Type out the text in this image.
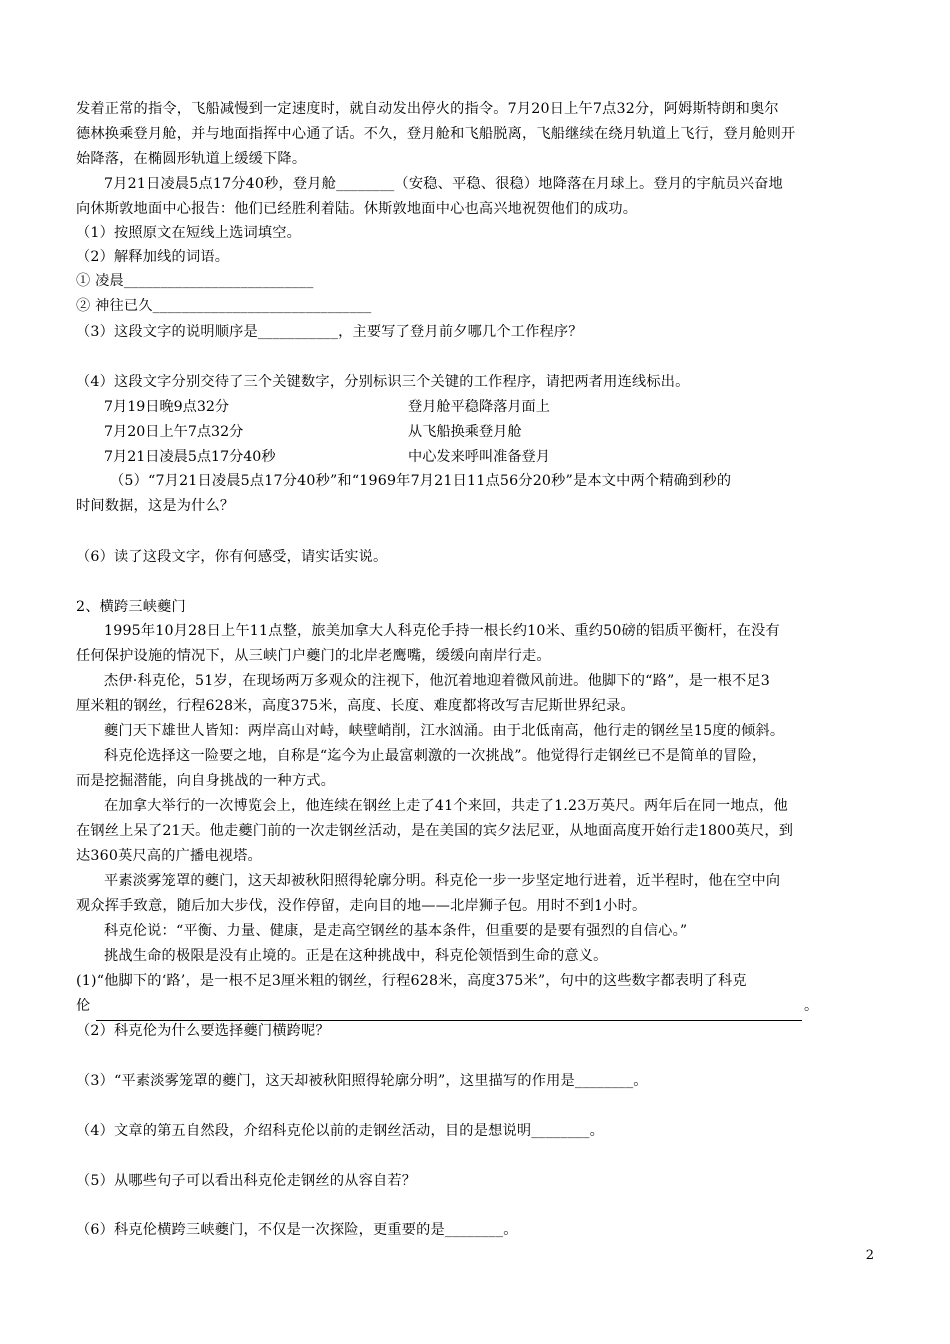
发着正常的指令，飞船减慢到一定速度时，就自动发出停火的指令。7月20日上午7点32分，阿姆斯特朗和奥尔
德林换乘登月舱，并与地面指挥中心通了话。不久，登月舱和飞船脱离，飞船继续在绕月轨道上飞行，登月舱则开
始降落，在椭圆形轨道上缓缓下降。
7月21日凌晨5点17分40秒，登月舱________（安稳、平稳、很稳）地降落在月球上。登月的宇航员兴奋地
向休斯敦地面中心报告：他们已经胜利着陆。休斯敦地面中心也高兴地祝贺他们的成功。
（1）按照原文在短线上选词填空。
（2）解释加线的词语。
① 凌晨__________________________
② 神往已久______________________________
（3）这段文字的说明顺序是___________，主要写了登月前夕哪几个工作程序？
（4）这段文字分别交待了三个关键数字，分别标识三个关键的工作程序，请把两者用连线标出。
7月19日晚9点32分
7月20日上午7点32分
7月21日凌晨5点17分40秒
登月舱平稳降落月面上
从飞船换乘登月舱
中心发来呼叫准备登月
（5）“7月21日凌晨5点17分40秒”和“1969年7月21日11点56分20秒”是本文中两个精确到秒的
时间数据，这是为什么？
（6）读了这段文字，你有何感受，请实话实说。
2、横跨三峡夔门
1995年10月28日上午11点整，旅美加拿大人科克伦手持一根长约10米、重约50磅的铝质平衡杆，在没有
任何保护设施的情况下，从三峡门户夔门的北岸老鹰嘴，缓缓向南岸行走。
杰伊·科克伦，51岁，在现场两万多观众的注视下，他沉着地迎着微风前进。他脚下的“路”，是一根不足3
厘米粗的钢丝，行程628米，高度375米，高度、长度、难度都将改写吉尼斯世界纪录。
夔门天下雄世人皆知：两岸高山对峙，峡壁峭削，江水汹涌。由于北低南高，他行走的钢丝呈15度的倾斜。
科克伦选择这一险要之地，自称是“迄今为止最富刺激的一次挑战”。他觉得行走钢丝已不是简单的冒险，
而是挖掘潜能，向自身挑战的一种方式。
在加拿大举行的一次博览会上，他连续在钢丝上走了41个来回，共走了1.23万英尺。两年后在同一地点，他
在钢丝上呆了21天。他走夔门前的一次走钢丝活动，是在美国的宾夕法尼亚，从地面高度开始行走1800英尺，到
达360英尺高的广播电视塔。
平素淡雾笼罩的夔门，这天却被秋阳照得轮廓分明。科克伦一步一步坚定地行进着，近半程时，他在空中向
观众挥手致意，随后加大步伐，没作停留，走向目的地——北岸狮子包。用时不到1小时。
科克伦说：“平衡、力量、健康，是走高空钢丝的基本条件，但重要的是要有强烈的自信心。”
挑战生命的极限是没有止境的。正是在这种挑战中，科克伦领悟到生命的意义。
(1)“他脚下的‘路’，是一根不足3厘米粗的钢丝，行程628米，高度375米”，句中的这些数字都表明了科克
伦	。
（2）科克伦为什么要选择夔门横跨呢？
（3）“平素淡雾笼罩的夔门，这天却被秋阳照得轮廓分明”，这里描写的作用是________。
（4）文章的第五自然段，介绍科克伦以前的走钢丝活动，目的是想说明________。
（5）从哪些句子可以看出科克伦走钢丝的从容自若？
（6）科克伦横跨三峡夔门，不仅是一次探险，更重要的是________。
2
